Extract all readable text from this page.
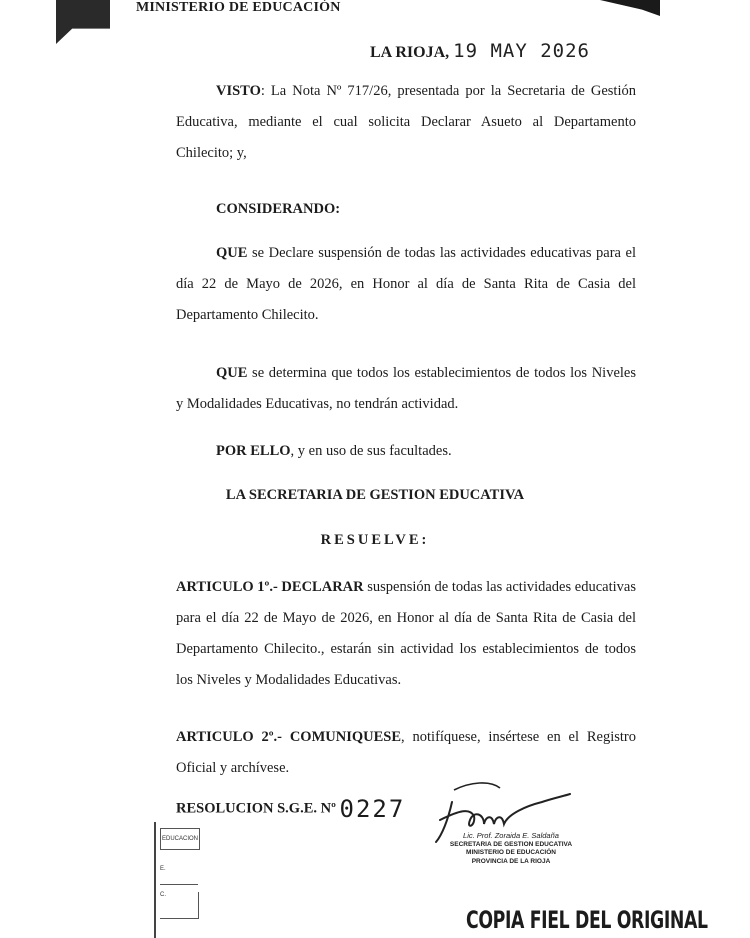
MINISTERIO DE EDUCACIÓN
LA RIOJA, 19 MAY 2026
VISTO: La Nota Nº 717/26, presentada por la Secretaria de Gestión Educativa, mediante el cual solicita Declarar Asueto al Departamento Chilecito; y,
CONSIDERANDO:
QUE se Declare suspensión de todas las actividades educativas para el día 22 de Mayo de 2026, en Honor al día de Santa Rita de Casia del Departamento Chilecito.
QUE se determina que todos los establecimientos de todos los Niveles y Modalidades Educativas, no tendrán actividad.
POR ELLO, y en uso de sus facultades.
LA SECRETARIA DE GESTION EDUCATIVA
RESUELVE:
ARTICULO 1º.- DECLARAR suspensión de todas las actividades educativas para el día 22 de Mayo de 2026, en Honor al día de Santa Rita de Casia del Departamento Chilecito., estarán sin actividad los establecimientos de todos los Niveles y Modalidades Educativas.
ARTICULO 2º.- COMUNIQUESE, notifíquese, insértese en el Registro Oficial y archívese.
RESOLUCION S.G.E. Nº 0227
EDUCACION
E.
C.
Lic. Prof. Zoraida E. Saldaña
SECRETARIA DE GESTION EDUCATIVA
MINISTERIO DE EDUCACIÓN
PROVINCIA DE LA RIOJA
COPIA FIEL DEL ORIGINAL
